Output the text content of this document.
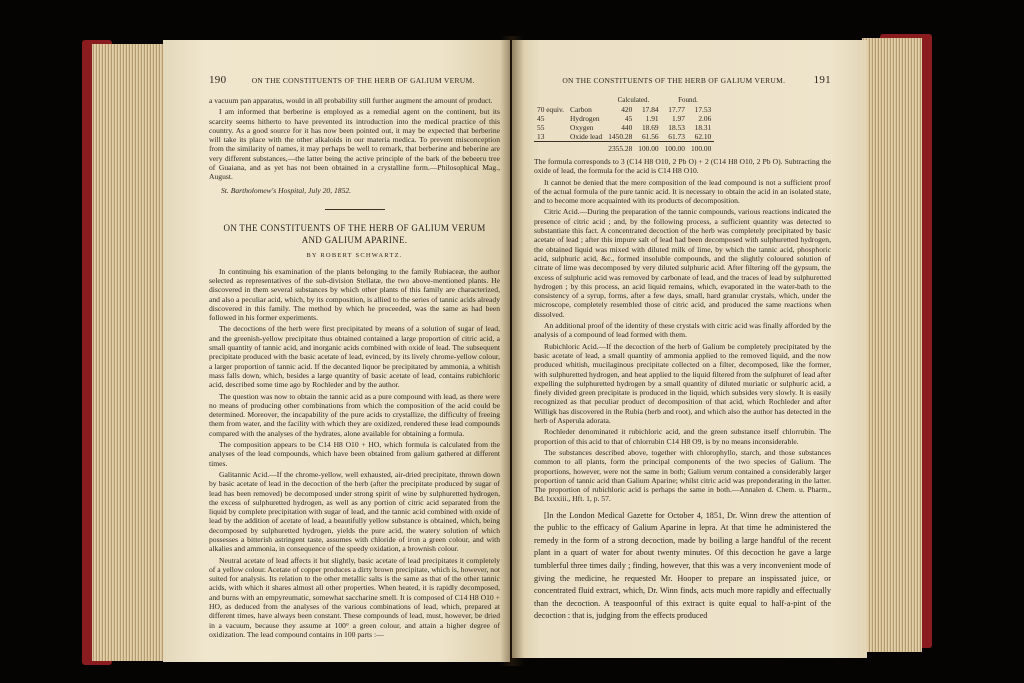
190	ON THE CONSTITUENTS OF THE HERB OF GALIUM VERUM.

a vacuum pan apparatus, would in all probability still further augment the amount of product.

I am informed that berberine is employed as a remedial agent on the continent, but its scarcity seems hitherto to have prevented its introduction into the medical practice of this country. As a good source for it has now been pointed out, it may be expected that berberine will take its place with the other alkaloids in our materia medica. To prevent misconception from the similarity of names, it may perhaps be well to remark, that berberine and beberine are very different substances,—the latter being the active principle of the bark of the bebeeru tree of Guaiana, and as yet has not been obtained in a crystalline form.—Philosophical Mag., August.

St. Bartholomew's Hospital, July 20, 1852.
ON THE CONSTITUENTS OF THE HERB OF GALIUM VERUM AND GALIUM APARINE.
BY ROBERT SCHWARTZ.

In continuing his examination of the plants belonging to the family Rubiaceæ, the author selected as representatives of the sub-division Stellatæ, the two above-mentioned plants. He discovered in them several substances by which other plants of this family are characterized, and also a peculiar acid, which, by its composition, is allied to the series of tannic acids already discovered in this family. The method by which he proceeded, was the same as had been followed in his former experiments.

The decoctions of the herb were first precipitated by means of a solution of sugar of lead, and the greenish-yellow precipitate thus obtained contained a large proportion of citric acid, a small quantity of tannic acid, and inorganic acids combined with oxide of lead. The subsequent precipitate produced with the basic acetate of lead, evinced, by its lively chrome-yellow colour, a larger proportion of tannic acid. If the decanted liquor be precipitated by ammonia, a whitish mass falls down, which, besides a large quantity of basic acetate of lead, contains rubichloric acid, described some time ago by Rochleder and by the author.

The question was now to obtain the tannic acid as a pure compound with lead, as there were no means of producing other combinations from which the composition of the acid could be determined. Moreover, the incapability of the pure acids to crystallize, the difficulty of freeing them from water, and the facility with which they are oxidized, rendered these lead compounds compared with the analyses of the hydrates, alone available for obtaining a formula.

The composition appears to be C14 H8 O10 + HO, which formula is calculated from the analyses of the lead compounds, which have been obtained from galium gathered at different times.

Galitannic Acid.—If the chrome-yellow, well exhausted, air-dried precipitate, thrown down by basic acetate of lead in the decoction of the herb (after the precipitate produced by sugar of lead has been removed) be decomposed under strong spirit of wine by sulphuretted hydrogen, the excess of sulphuretted hydrogen, as well as any portion of citric acid separated from the liquid by complete precipitation with sugar of lead, and the tannic acid combined with oxide of lead by the addition of acetate of lead, a beautifully yellow substance is obtained, which, being decomposed by sulphuretted hydrogen, yields the pure acid, the watery solution of which possesses a bitterish astringent taste, assumes with chloride of iron a green colour, and with alkalies and ammonia, in consequence of the speedy oxidation, a brownish colour.

Neutral acetate of lead affects it but slightly, basic acetate of lead precipitates it completely of a yellow colour. Acetate of copper produces a dirty brown precipitate, which is, however, not suited for analysis. Its relation to the other metallic salts is the same as that of the other tannic acids, with which it shares almost all other properties. When heated, it is rapidly decomposed, and burns with an empyreumatic, somewhat saccharine smell. It is composed of C14 H8 O10 + HO, as deduced from the analyses of the various combinations of lead, which, prepared at different times, have always been constant. These compounds of lead, must, however, be dried in a vacuum, because they assume at 100° a green colour, and attain a higher degree of oxidization. The lead compound contains in 100 parts :—

ON THE CONSTITUENTS OF THE HERB OF GALIUM VERUM.	191
		Calculated.		Found.	
70 equiv.	Carbon	420	17.84	17.77	17.53
45	Hydrogen	45	1.91	1.97	2.06
55	Oxygen	440	18.69	18.53	18.31
13	Oxide lead	1450.28	61.56	61.73	62.10
		2355.28	100.00	100.00	100.00

The formula corresponds to 3 (C14 H8 O10, 2 Pb O) + 2 (C14 H8 O10, 2 Pb O). Subtracting the oxide of lead, the formula for the acid is C14 H8 O10.

It cannot be denied that the mere composition of the lead compound is not a sufficient proof of the actual formula of the pure tannic acid. It is necessary to obtain the acid in an isolated state, and to become more acquainted with its products of decomposition.

Citric Acid.—During the preparation of the tannic compounds, various reactions indicated the presence of citric acid ; and, by the following process, a sufficient quantity was detected to substantiate this fact. A concentrated decoction of the herb was completely precipitated by basic acetate of lead ; after this impure salt of lead had been decomposed with sulphuretted hydrogen, the obtained liquid was mixed with diluted milk of lime, by which the tannic acid, phosphoric acid, sulphuric acid, &c., formed insoluble compounds, and the slightly coloured solution of citrate of lime was decomposed by very diluted sulphuric acid. After filtering off the gypsum, the excess of sulphuric acid was removed by carbonate of lead, and the traces of lead by sulphuretted hydrogen ; by this process, an acid liquid remains, which, evaporated in the water-bath to the consistency of a syrup, forms, after a few days, small, hard granular crystals, which, under the microscope, completely resembled those of citric acid, and produced the same reactions when dissolved.

An additional proof of the identity of these crystals with citric acid was finally afforded by the analysis of a compound of lead formed with them.

Rubichloric Acid.—If the decoction of the herb of Galium be completely precipitated by the basic acetate of lead, a small quantity of ammonia applied to the removed liquid, and the now produced whitish, mucilaginous precipitate collected on a filter, decomposed, like the former, with sulphuretted hydrogen, and heat applied to the liquid filtered from the sulphuret of lead after expelling the sulphuretted hydrogen by a small quantity of diluted muriatic or sulphuric acid, a finely divided green precipitate is produced in the liquid, which subsides very slowly. It is easily recognized as that peculiar product of decomposition of that acid, which Rochleder and after Willigk has discovered in the Rubia (herb and root), and which also the author has detected in the herb of Asperula adorata.

Rochleder denominated it rubichloric acid, and the green substance itself chlorrubin. The proportion of this acid to that of chlorrubin C14 H8 O9, is by no means inconsiderable.

The substances described above, together with chlorophyllo, starch, and those substances common to all plants, form the principal components of the two species of Galium. The proportions, however, were not the same in both; Galium verum contained a considerably larger proportion of tannic acid than Galium Aparine; whilst citric acid was preponderating in the latter. The proportion of rubichloric acid is perhaps the same in both.—Annalen d. Chem. u. Pharm., Bd. lxxxiii., Hft. 1, p. 57.

[In the London Medical Gazette for October 4, 1851, Dr. Winn drew the attention of the public to the efficacy of Galium Aparine in lepra. At that time he administered the remedy in the form of a strong decoction, made by boiling a large handful of the recent plant in a quart of water for about twenty minutes. Of this decoction he gave a large tumblerful three times daily ; finding, however, that this was a very inconvenient mode of giving the medicine, he requested Mr. Hooper to prepare an inspissated juice, or concentrated fluid extract, which, Dr. Winn finds, acts much more rapidly and effectually than the decoction. A teaspoonful of this extract is quite equal to half-a-pint of the decoction : that is, judging from the effects produced
